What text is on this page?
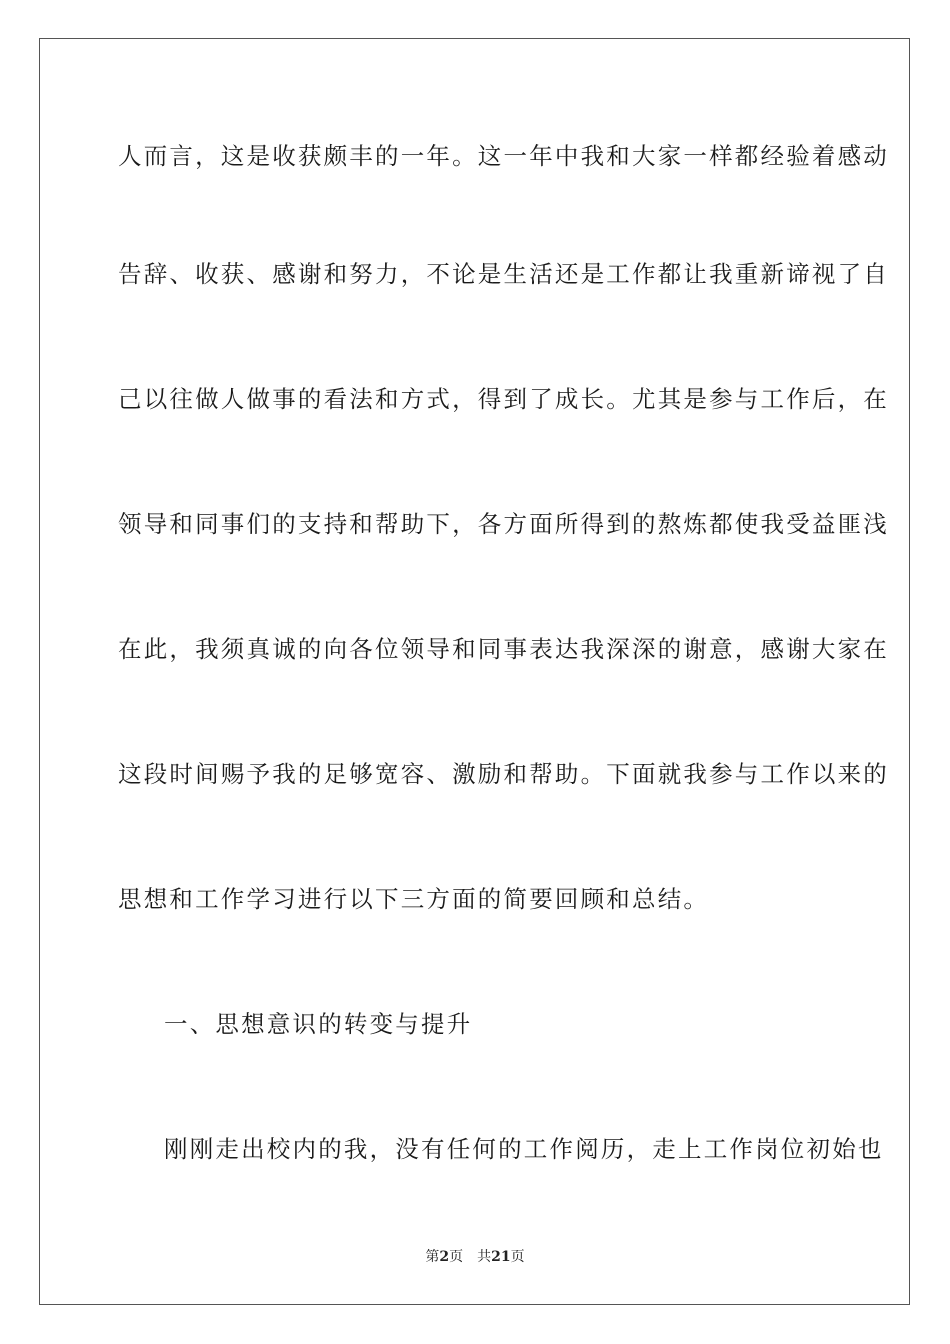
人而言，这是收获颇丰的一年。这一年中我和大家一样都经验着感动
告辞、收获、感谢和努力，不论是生活还是工作都让我重新谛视了自
己以往做人做事的看法和方式，得到了成长。尤其是参与工作后，在
领导和同事们的支持和帮助下，各方面所得到的熬炼都使我受益匪浅
在此，我须真诚的向各位领导和同事表达我深深的谢意，感谢大家在
这段时间赐予我的足够宽容、激励和帮助。下面就我参与工作以来的
思想和工作学习进行以下三方面的简要回顾和总结。
一、思想意识的转变与提升
刚刚走出校内的我，没有任何的工作阅历，走上工作岗位初始也
第2页 共21页
